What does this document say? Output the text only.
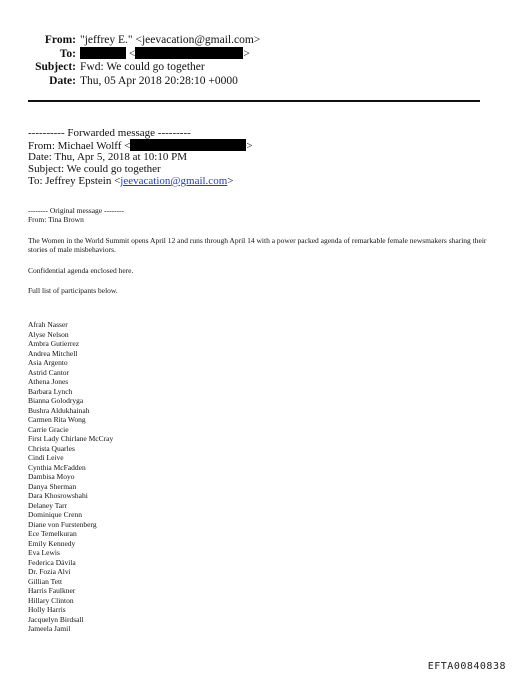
From: "jeffrey E." <jeevacation@gmail.com>
To:	<	>
Subject: Fwd: We could go together
Date: Thu, 05 Apr 2018 20:28:10 +0000
---------- Forwarded message ---------
From: Michael Wolff <	>
Date: Thu, Apr 5, 2018 at 10:10 PM
Subject: We could go together
To: Jeffrey Epstein <jeevacation@gmail.com>
-------- Original message --------
From: Tina Brown
The Women in the World Summit opens April 12 and runs through April 14 with a power packed agenda of remarkable female newsmakers sharing their stories of male misbehaviors.
Confidential agenda enclosed here.
Full list of participants below.
Afrah Nasser
Alyse Nelson
Ambra Gutierrez
Andrea Mitchell
Asia Argento
Astrid Cantor
Athena Jones
Barbara Lynch
Bianna Golodryga
Bushra Aldukhainah
Carmen Rita Wong
Carrie Gracie
First Lady Chirlane McCray
Christa Quarles
Cindi Leive
Cynthia McFadden
Dambisa Moyo
Danya Sherman
Dara Khosrowshahi
Delaney Tarr
Dominique Crenn
Diane von Furstenberg
Ece Temelkuran
Emily Kennedy
Eva Lewis
Federica Dávila
Dr. Fozia Alvi
Gillian Tett
Harris Faulkner
Hillary Clinton
Holly Harris
Jacquelyn Birdsall
Jameela Jamil
EFTA00840838
